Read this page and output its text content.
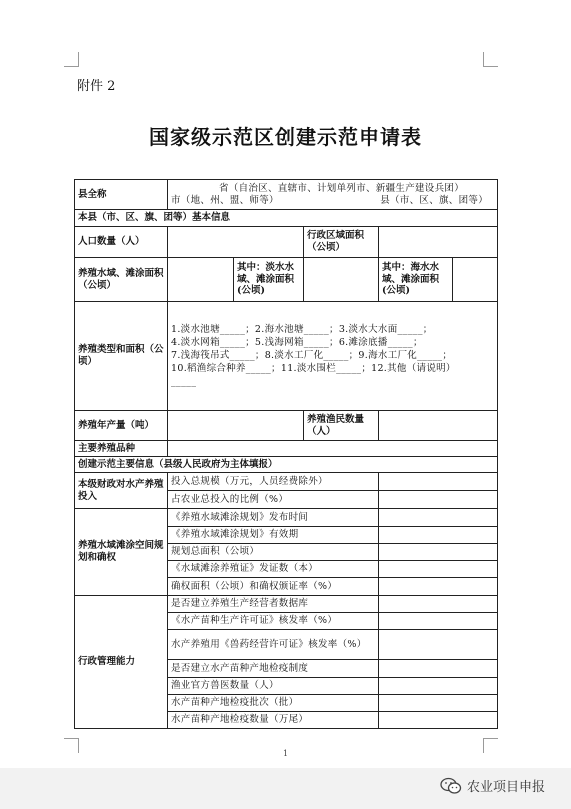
附件 2
国家级示范区创建示范申请表
县全称	省（自治区、直辖市、计划单列市、新疆生产建设兵团）
市（地、州、盟、师等） 县（市、区、旗、团等）				

本县（市、区、旗、团等）基本信息					
人口数量（人）			行政区域面积（公顷）		
养殖水域、滩涂面积（公顷）		其中：淡水水域、滩涂面积(公顷)		其中：海水水域、滩涂面积(公顷)	
养殖类型和面积（公顷）	1.淡水池塘_____；2.海水池塘_____；3.淡水大水面_____；
4.淡水网箱_____；5.浅海网箱_____；6.滩涂底播_____；
7.浅海筏吊式_____；8.淡水工厂化_____；9.海水工厂化_____；
10.稻渔综合种养_____；11.淡水围栏_____；12.其他（请说明）
_____				

养殖年产量（吨）			养殖渔民数量（人）		
主要养殖品种					
创建示范主要信息（县级人民政府为主体填报）					
本级财政对水产养殖投入	投入总规模（万元，人员经费除外）				
	占农业总投入的比例（%）				
养殖水域滩涂空间规划和确权	《养殖水域滩涂规划》发布时间				
	《养殖水域滩涂规划》有效期				
	规划总面积（公顷）				
	《水域滩涂养殖证》发证数（本）				
	确权面积（公顷）和确权颁证率（%）				
行政管理能力	是否建立养殖生产经营者数据库				
	《水产苗种生产许可证》核发率（%）				
	水产养殖用《兽药经营许可证》核发率（%）				
	是否建立水产苗种产地检疫制度				
	渔业官方兽医数量（人）				
	水产苗种产地检疫批次（批）				
	水产苗种产地检疫数量（万尾）				
1
农业项目申报
